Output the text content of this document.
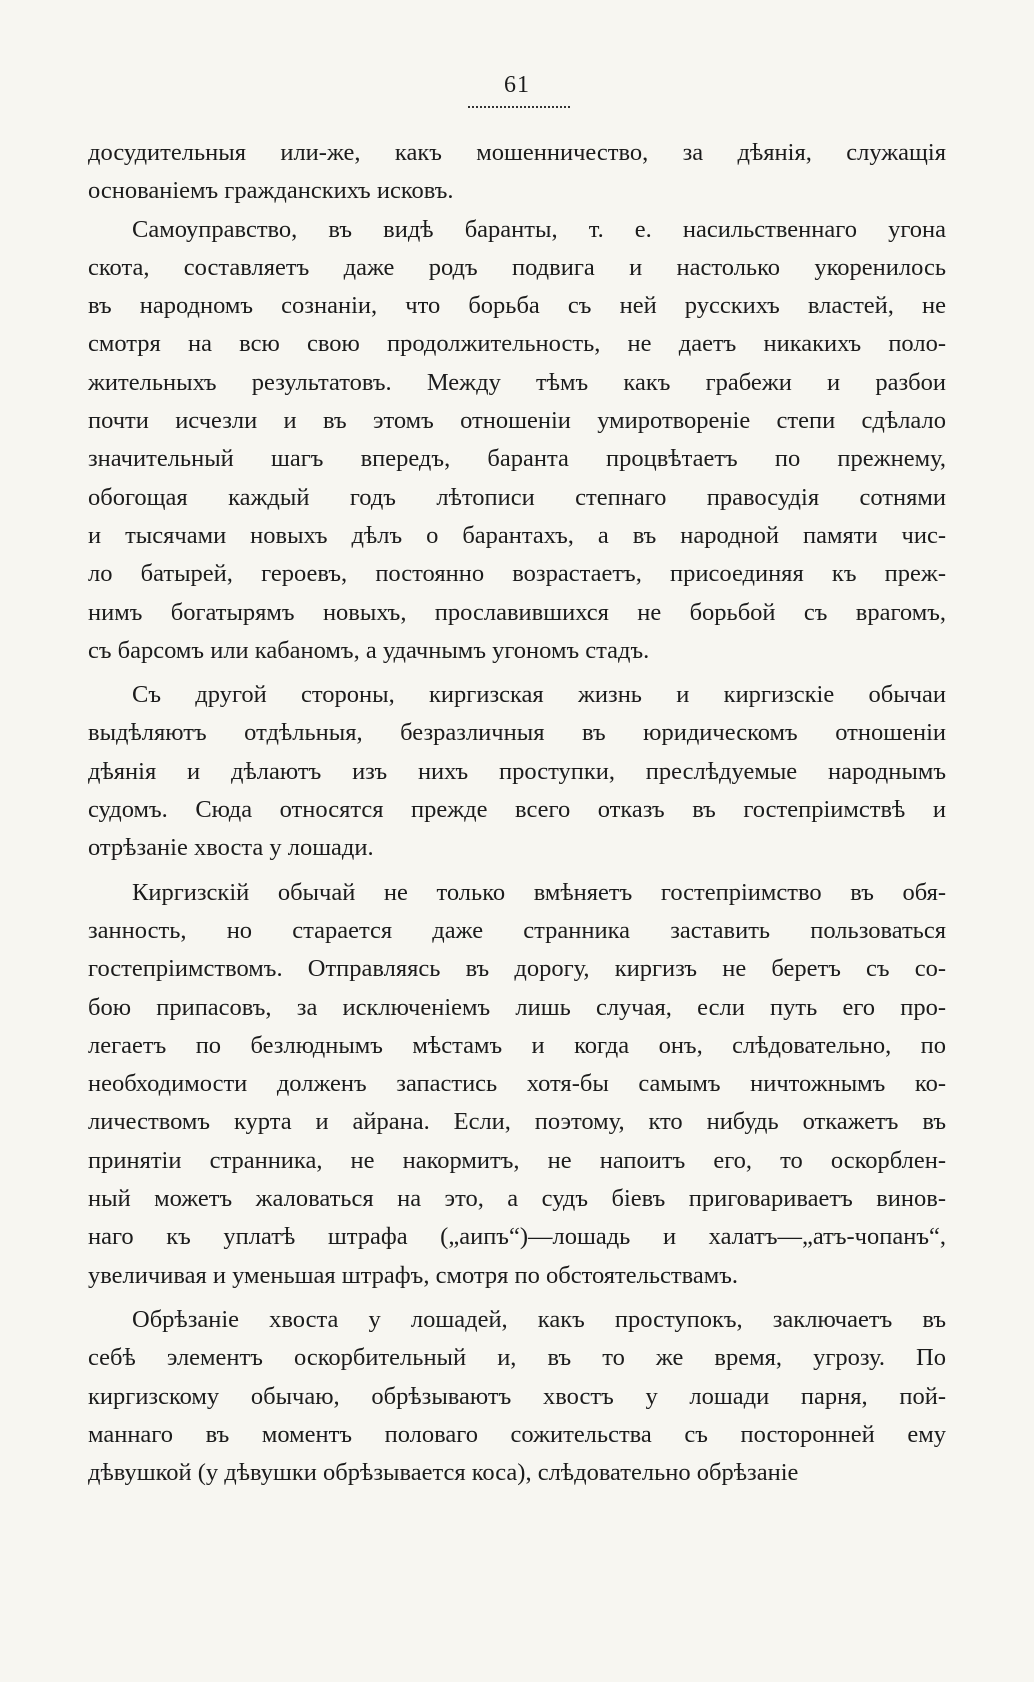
61
досудительныя или-же, какъ мошенничество, за дѣянія, служащія
основаніемъ гражданскихъ исковъ.
Самоуправство, въ видѣ баранты, т. е. насильственнаго угона
скота, составляетъ даже родъ подвига и настолько укоренилось
въ народномъ сознаніи, что борьба съ ней русскихъ властей, не
смотря на всю свою продолжительность, не даетъ никакихъ поло-
жительныхъ результатовъ. Между тѣмъ какъ грабежи и разбои
почти исчезли и въ этомъ отношеніи умиротвореніе степи сдѣлало
значительный шагъ впередъ, баранта процвѣтаетъ по прежнему,
обогощая каждый годъ лѣтописи степнаго правосудія сотнями
и тысячами новыхъ дѣлъ о барантахъ, а въ народной памяти чис-
ло батырей, героевъ, постоянно возрастаетъ, присоединяя къ преж-
нимъ богатырямъ новыхъ, прославившихся не борьбой съ врагомъ,
съ барсомъ или кабаномъ, а удачнымъ угономъ стадъ.
Съ другой стороны, киргизская жизнь и киргизскіе обычаи
выдѣляютъ отдѣльныя, безразличныя въ юридическомъ отношеніи
дѣянія и дѣлаютъ изъ нихъ проступки, преслѣдуемые народнымъ
судомъ. Сюда относятся прежде всего отказъ въ гостепріимствѣ и
отрѣзаніе хвоста у лошади.
Киргизскій обычай не только вмѣняетъ гостепріимство въ обя-
занность, но старается даже странника заставить пользоваться
гостепріимствомъ. Отправляясь въ дорогу, киргизъ не беретъ съ со-
бою припасовъ, за исключеніемъ лишь случая, если путь его про-
легаетъ по безлюднымъ мѣстамъ и когда онъ, слѣдовательно, по
необходимости долженъ запастись хотя-бы самымъ ничтожнымъ ко-
личествомъ курта и айрана. Если, поэтому, кто нибудь откажетъ въ
принятіи странника, не накормитъ, не напоитъ его, то оскорблен-
ный можетъ жаловаться на это, а судъ біевъ приговариваетъ винов-
наго къ уплатѣ штрафа („аипъ“)—лошадь и халатъ—„атъ-чопанъ“,
увеличивая и уменьшая штрафъ, смотря по обстоятельствамъ.
Обрѣзаніе хвоста у лошадей, какъ проступокъ, заключаетъ въ
себѣ элементъ оскорбительный и, въ то же время, угрозу. По
киргизскому обычаю, обрѣзываютъ хвостъ у лошади парня, пой-
маннаго въ моментъ половаго сожительства съ посторонней ему
дѣвушкой (у дѣвушки обрѣзывается коса), слѣдовательно обрѣзаніе
